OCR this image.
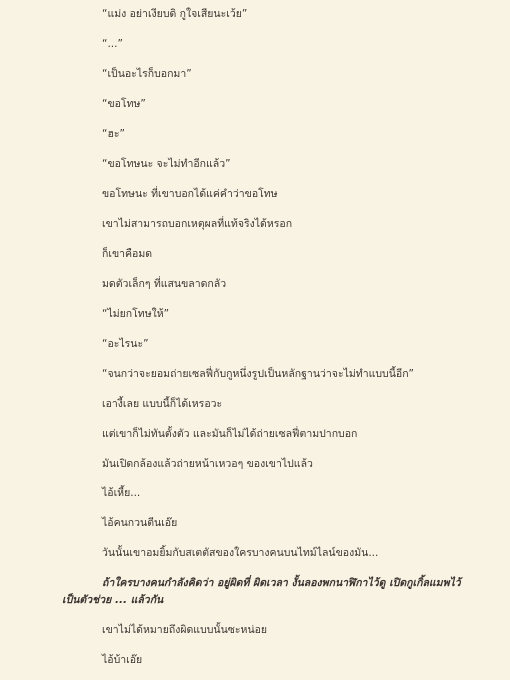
“แม่ง อย่าเงียบดิ กูใจเสียนะเว้ย”

“...”

“เป็นอะไรก็บอกมา”

“ขอโทษ”

“ฮะ”

“ขอโทษนะ จะไม่ทำอีกแล้ว”

ขอโทษนะ ที่เขาบอกได้แค่คำว่าขอโทษ

เขาไม่สามารถบอกเหตุผลที่แท้จริงได้หรอก

ก็เขาคือมด

มดตัวเล็กๆ ที่แสนขลาดกลัว

“ไม่ยกโทษให้”

“อะไรนะ”

“จนกว่าจะยอมถ่ายเซลฟี่กับกูหนึ่งรูปเป็นหลักฐานว่าจะไม่ทำแบบนี้อีก”

เอางี้เลย แบบนี้ก็ได้เหรอวะ

แต่เขาก็ไม่ทันตั้งตัว และมันก็ไม่ได้ถ่ายเซลฟี่ตามปากบอก

มันเปิดกล้องแล้วถ่ายหน้าเหวอๆ ของเขาไปแล้ว

ไอ้เหี้ย...

ไอ้คนกวนตีนเอ๊ย

วันนั้นเขาอมยิ้มกับสเตตัสของใครบางคนบนไทม์ไลน์ของมัน...

ถ้าใครบางคนกำลังคิดว่า อยู่ผิดที่ ผิดเวลา งั้นลองพกนาฬิกาไว้ดู เปิดกูเกิ้ลแมพไว้เป็นตัวช่วย ... แล้วกัน

เขาไม่ได้หมายถึงผิดแบบนั้นซะหน่อย

ไอ้บ้าเอ๊ย
